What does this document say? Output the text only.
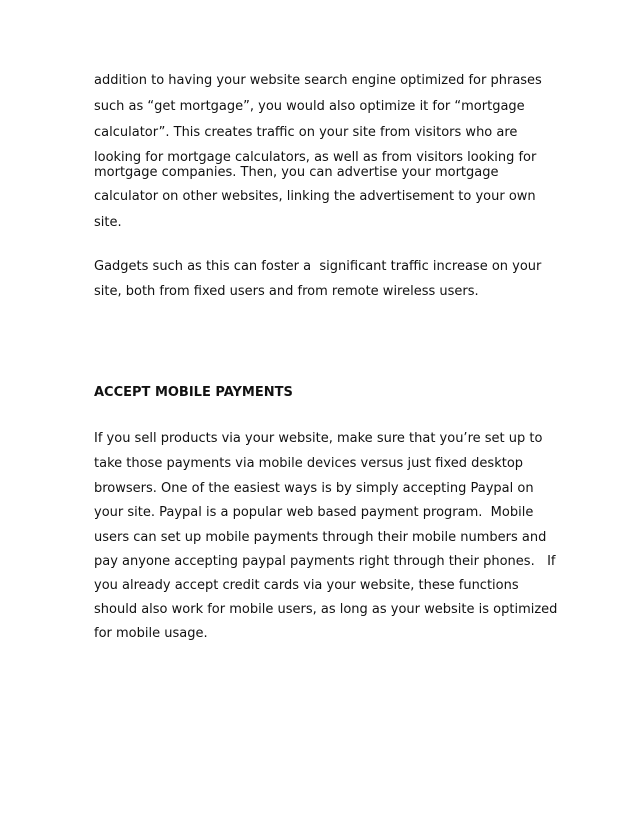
addition to having your website search engine optimized for phrases
such as “get mortgage”, you would also optimize it for “mortgage
calculator”. This creates traffic on your site from visitors who are
looking for mortgage calculators, as well as from visitors looking for
mortgage companies. Then, you can advertise your mortgage
calculator on other websites, linking the advertisement to your own
site.
Gadgets such as this can foster a  significant traffic increase on your
site, both from fixed users and from remote wireless users.
ACCEPT MOBILE PAYMENTS
If you sell products via your website, make sure that you’re set up to
take those payments via mobile devices versus just fixed desktop
browsers. One of the easiest ways is by simply accepting Paypal on
your site. Paypal is a popular web based payment program.  Mobile
users can set up mobile payments through their mobile numbers and
pay anyone accepting paypal payments right through their phones.   If
you already accept credit cards via your website, these functions
should also work for mobile users, as long as your website is optimized
for mobile usage.
